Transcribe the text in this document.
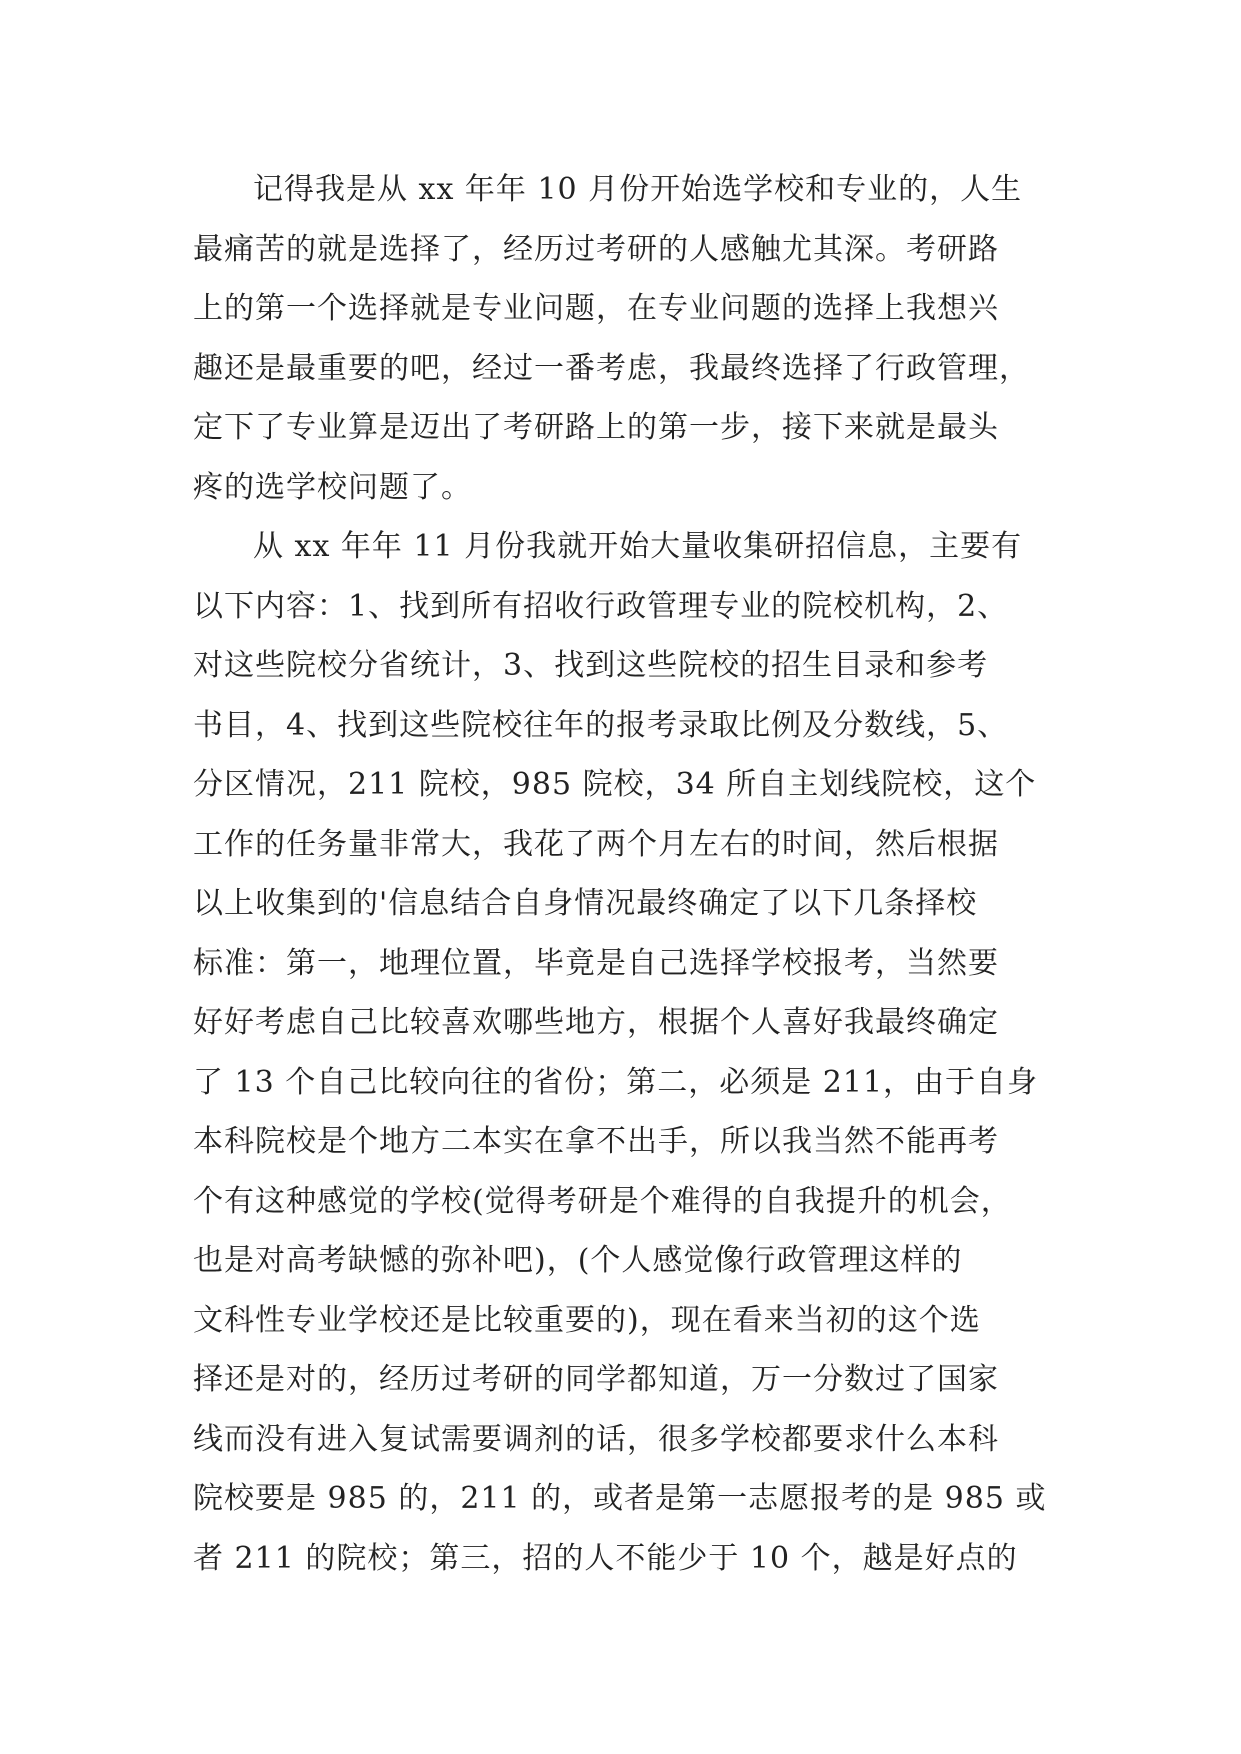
记得我是从 xx 年年 10 月份开始选学校和专业的，人生
最痛苦的就是选择了，经历过考研的人感触尤其深。考研路
上的第一个选择就是专业问题，在专业问题的选择上我想兴
趣还是最重要的吧，经过一番考虑，我最终选择了行政管理，
定下了专业算是迈出了考研路上的第一步，接下来就是最头
疼的选学校问题了。
从 xx 年年 11 月份我就开始大量收集研招信息，主要有
以下内容：1、找到所有招收行政管理专业的院校机构，2、
对这些院校分省统计，3、找到这些院校的招生目录和参考
书目，4、找到这些院校往年的报考录取比例及分数线，5、
分区情况，211 院校，985 院校，34 所自主划线院校，这个
工作的任务量非常大，我花了两个月左右的时间，然后根据
以上收集到的'信息结合自身情况最终确定了以下几条择校
标准：第一，地理位置，毕竟是自己选择学校报考，当然要
好好考虑自己比较喜欢哪些地方，根据个人喜好我最终确定
了 13 个自己比较向往的省份；第二，必须是 211，由于自身
本科院校是个地方二本实在拿不出手，所以我当然不能再考
个有这种感觉的学校(觉得考研是个难得的自我提升的机会，
也是对高考缺憾的弥补吧)，(个人感觉像行政管理这样的
文科性专业学校还是比较重要的)，现在看来当初的这个选
择还是对的，经历过考研的同学都知道，万一分数过了国家
线而没有进入复试需要调剂的话，很多学校都要求什么本科
院校要是 985 的，211 的，或者是第一志愿报考的是 985 或
者 211 的院校；第三，招的人不能少于 10 个，越是好点的
